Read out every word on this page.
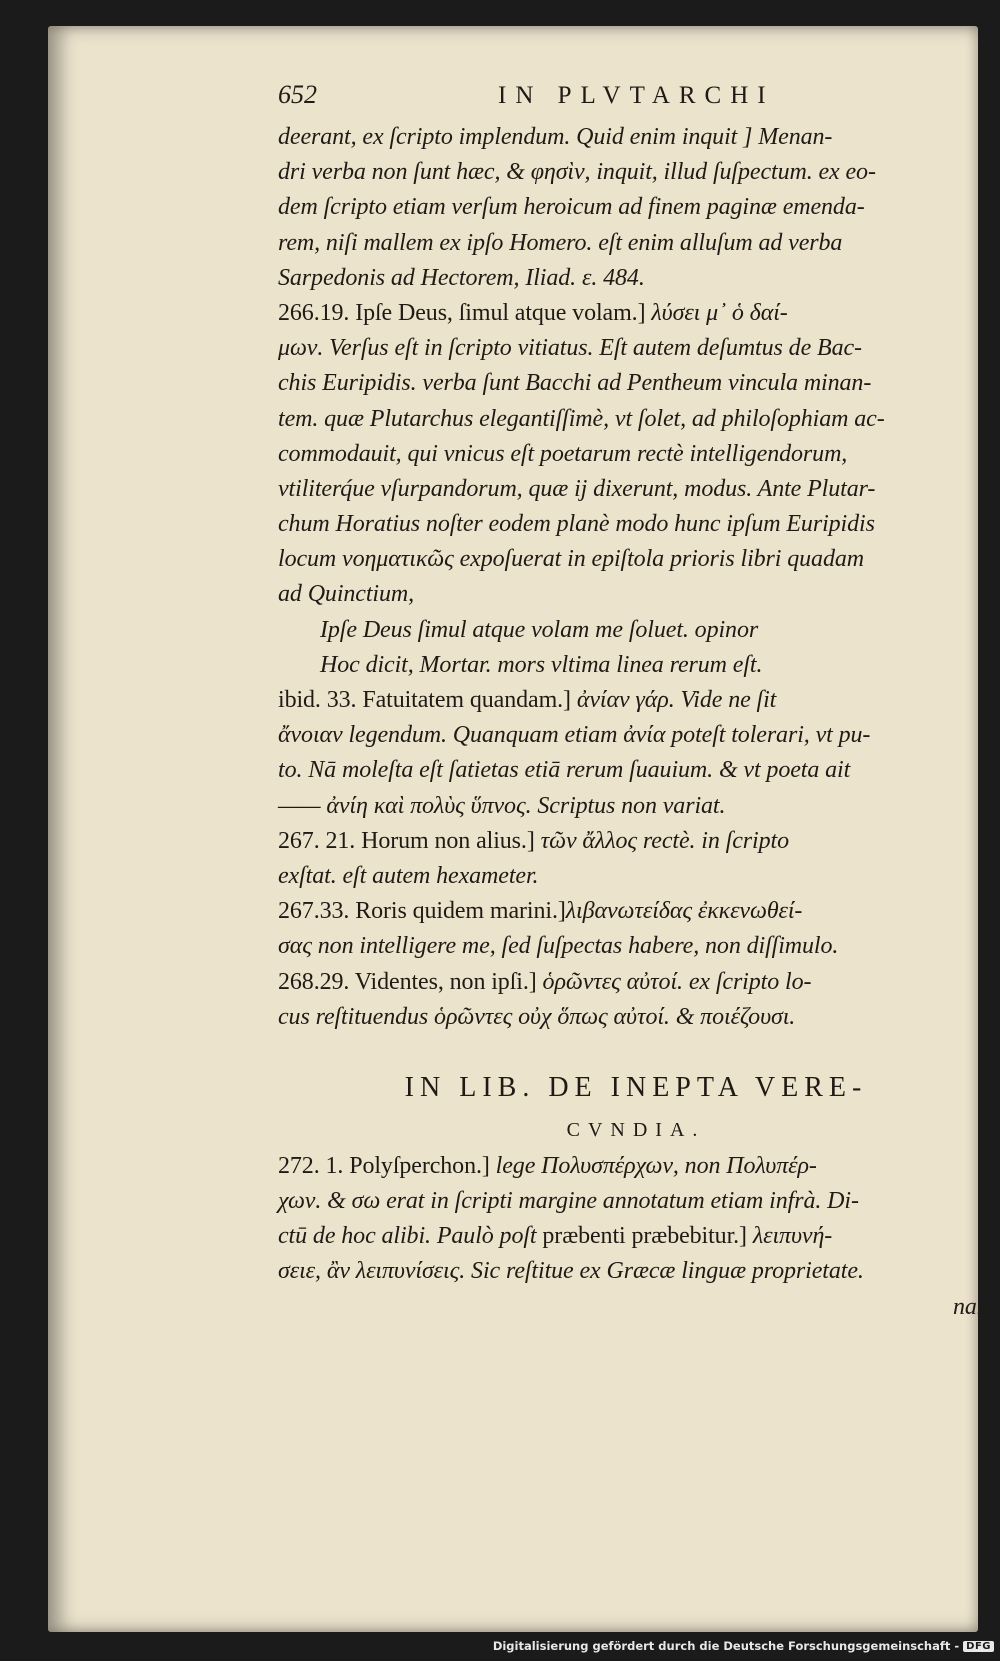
652	IN PLVTARCHI
deerant, ex ſcripto implendum. Quid enim inquit ] Menan-
dri verba non ſunt hæc, & φησὶν, inquit, illud ſuſpectum. ex eo-
dem ſcripto etiam verſum heroicum ad finem paginæ emenda-
rem, niſi mallem ex ipſo Homero. eſt enim alluſum ad verba
Sarpedonis ad Hectorem, Iliad. ε. 484.
266.19. Ipſe Deus, ſimul atque volam.] λύσει μ᾽ ὁ δαί-
μων. Verſus eſt in ſcripto vitiatus. Eſt autem deſumtus de Bac-
chis Euripidis. verba ſunt Bacchi ad Pentheum vincula minan-
tem. quæ Plutarchus elegantiſſimè, vt ſolet, ad philoſophiam ac-
commodauit, qui vnicus eſt poetarum rectè intelligendorum,
vtiliterq́ue vſurpandorum, quæ ij dixerunt, modus. Ante Plutar-
chum Horatius noſter eodem planè modo hunc ipſum Euripidis
locum νοηματικῶς expoſuerat in epiſtola prioris libri quadam
ad Quinctium,
Ipſe Deus ſimul atque volam me ſoluet. opinor
Hoc dicit, Mortar. mors vltima linea rerum eſt.
ibid. 33. Fatuitatem quandam.] ἀνίαν γάρ. Vide ne ſit
ἄνοιαν legendum. Quanquam etiam ἀνία poteſt tolerari, vt pu-
to. Nā moleſta eſt ſatietas etiā rerum ſuauium. & vt poeta ait
—— ἀνίη καὶ πολὺς ὕπνος. Scriptus non variat.
267. 21. Horum non alius.] τῶν ἄλλος rectè. in ſcripto
exſtat. eſt autem hexameter.
267.33. Roris quidem marini.]λιβανωτείδας ἐκκενωθεί-
σας non intelligere me, ſed ſuſpectas habere, non diſſimulo.
268.29. Videntes, non ipſi.] ὁρῶντες αὐτοί. ex ſcripto lo-
cus reſtituendus ὁρῶντες οὐχ ὅπως αὐτοί. & ποιέζουσι.
IN LIB. DE INEPTA VERE-
CVNDIA.
272. 1. Polyſperchon.] lege Πολυσπέρχων, non Πολυπέρ-
χων. & σω erat in ſcripti margine annotatum etiam infrà. Di-
ctū de hoc alibi. Paulò poſt præbenti præbebitur.] λειπυνή-
σειε, ἂν λειπυνίσεις. Sic reſtitue ex Græcæ linguæ proprietate.
nam
Digitalisierung gefördert durch die Deutsche Forschungsgemeinschaft - DFG
